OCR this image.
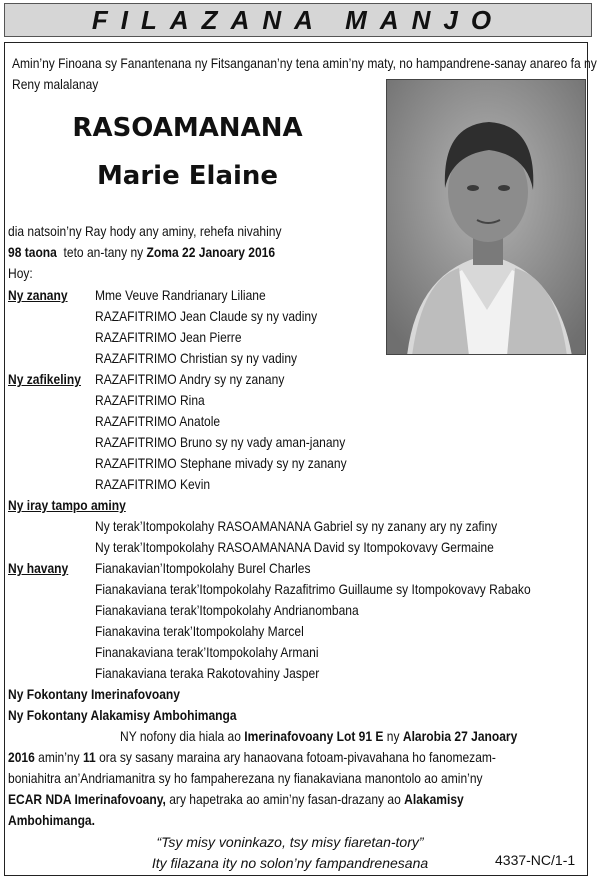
FILAZANA MANJO
Amin’ny Finoana sy Fanantenana ny Fitsanganan’ny tena amin’ny maty, no hampandrene-sanay anareo fa ny Reny malalanay
RASOAMANANA
Marie Elaine
dia natsoin’ny Ray hody any aminy, rehefa nivahiny
98 taona teto an-tany ny Zoma 22 Janoary 2016
Hoy:
Ny zanany Mme Veuve Randrianary Liliane
RAZAFITRIMO Jean Claude sy ny vadiny
RAZAFITRIMO Jean Pierre
RAZAFITRIMO Christian sy ny vadiny
Ny zafikeliny RAZAFITRIMO Andry sy ny zanany
RAZAFITRIMO Rina
RAZAFITRIMO Anatole
RAZAFITRIMO Bruno sy ny vady aman-janany
RAZAFITRIMO Stephane mivady sy ny zanany
RAZAFITRIMO Kevin
Ny iray tampo aminy
Ny terak’Itompokolahy RASOAMANANA Gabriel sy ny zanany ary ny zafiny
Ny terak’Itompokolahy RASOAMANANA David sy Itompokovavy Germaine
Ny havany Fianakavian’Itompokolahy Burel Charles
Fianakaviana terak’Itompokolahy Razafitrimo Guillaume sy Itompokovavy Rabako
Fianakaviana terak’Itompokolahy Andrianombana
Fianakavina terak’Itompokolahy Marcel
Finanakaviana terak’Itompokolahy Armani
Fianakaviana teraka Rakotovahiny Jasper
Ny Fokontany Imerinafovoany
Ny Fokontany Alakamisy Ambohimanga
NY nofony dia hiala ao Imerinafovoany Lot 91 E ny Alarobia 27 Janoary
2016 amin’ny 11 ora sy sasany maraina ary hanaovana fotoam-pivavahana ho fanomezam-
boniahitra an’Andriamanitra sy ho fampaherezana ny fianakaviana manontolo ao amin’ny
ECAR NDA Imerinafovoany, ary hapetraka ao amin’ny fasan-drazany ao Alakamisy
Ambohimanga.
“Tsy misy voninkazo, tsy misy fiaretan-tory”
Ity filazana ity no solon’ny fampandrenesana	4337-NC/1-1
